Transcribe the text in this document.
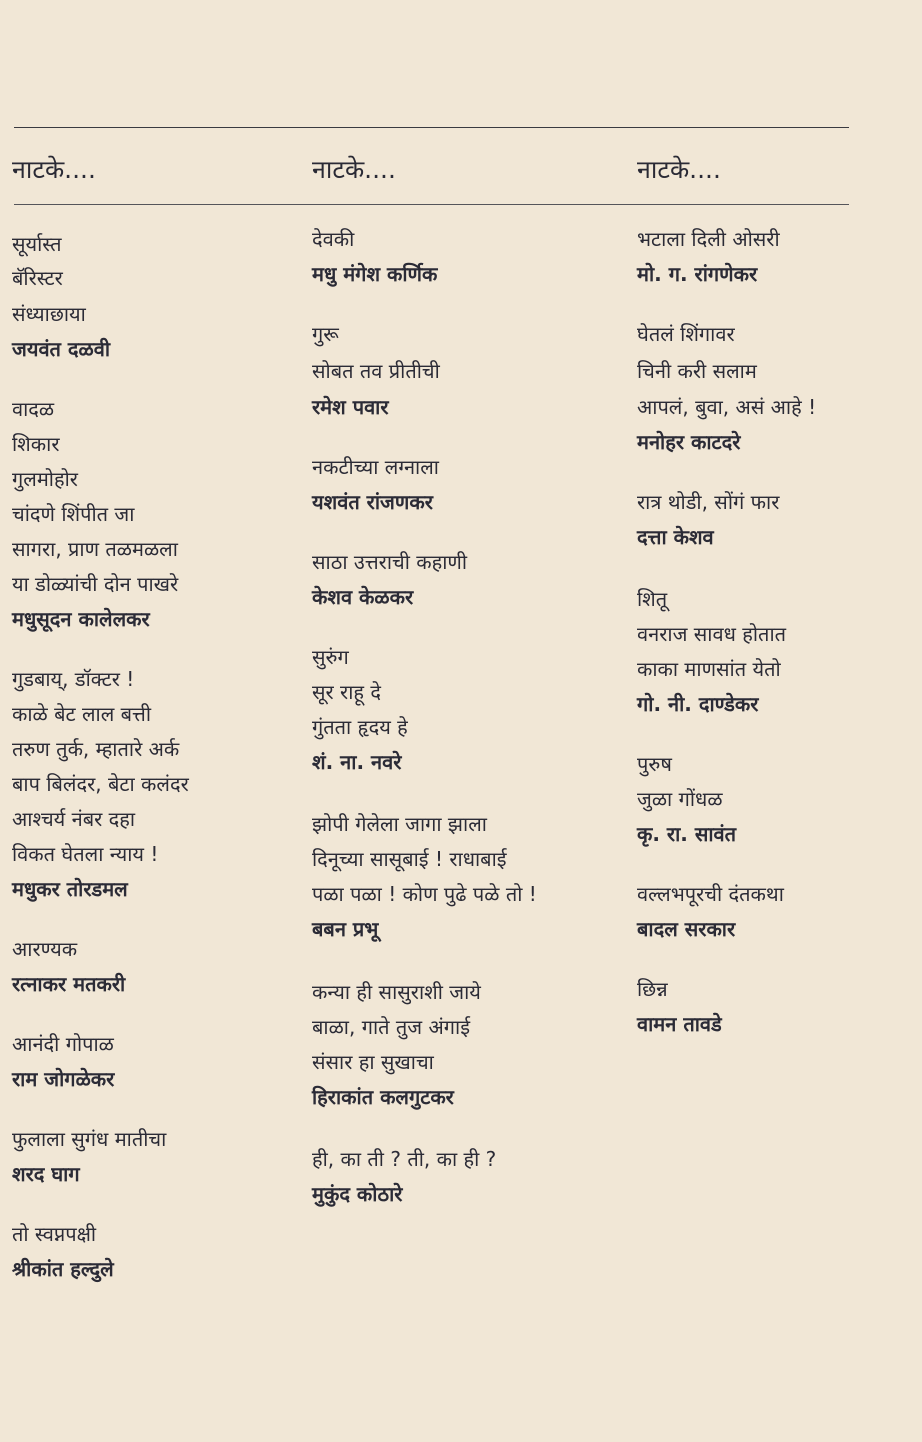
नाटके....
सूर्यास्त
बॅरिस्टर
संध्याछाया
जयवंत दळवी
वादळ
शिकार
गुलमोहोर
चांदणे शिंपीत जा
सागरा, प्राण तळमळला
या डोळ्यांची दोन पाखरे
मधुसूदन कालेलकर
गुडबाय्, डॉक्टर !
काळे बेट लाल बत्ती
तरुण तुर्क, म्हातारे अर्क
बाप बिलंदर, बेटा कलंदर
आश्चर्य नंबर दहा
विकत घेतला न्याय !
मधुकर तोरडमल
आरण्यक
रत्नाकर मतकरी
आनंदी गोपाळ
राम जोगळेकर
फुलाला सुगंध मातीचा
शरद घाग
तो स्वप्नपक्षी
श्रीकांत हल्दुले
नाटके....
देवकी
मधु मंगेश कर्णिक
गुरू
सोबत तव प्रीतीची
रमेश पवार
नकटीच्या लग्नाला
यशवंत रांजणकर
साठा उत्तराची कहाणी
केशव केळकर
सुरुंग
सूर राहू दे
गुंतता हृदय हे
शं. ना. नवरे
झोपी गेलेला जागा झाला
दिनूच्या सासूबाई ! राधाबाई
पळा पळा ! कोण पुढे पळे तो !
बबन प्रभू
कन्या ही सासुराशी जाये
बाळा, गाते तुज अंगाई
संसार हा सुखाचा
हिराकांत कलगुटकर
ही, का ती ? ती, का ही ?
मुकुंद कोठारे
नाटके....
भटाला दिली ओसरी
मो. ग. रांगणेकर
घेतलं शिंगावर
चिनी करी सलाम
आपलं, बुवा, असं आहे !
मनोहर काटदरे
रात्र थोडी, सोंगं फार
दत्ता केशव
शितू
वनराज सावध होतात
काका माणसांत येतो
गो. नी. दाण्डेकर
पुरुष
जुळा गोंधळ
कृ. रा. सावंत
वल्लभपूरची दंतकथा
बादल सरकार
छिन्न
वामन तावडे
